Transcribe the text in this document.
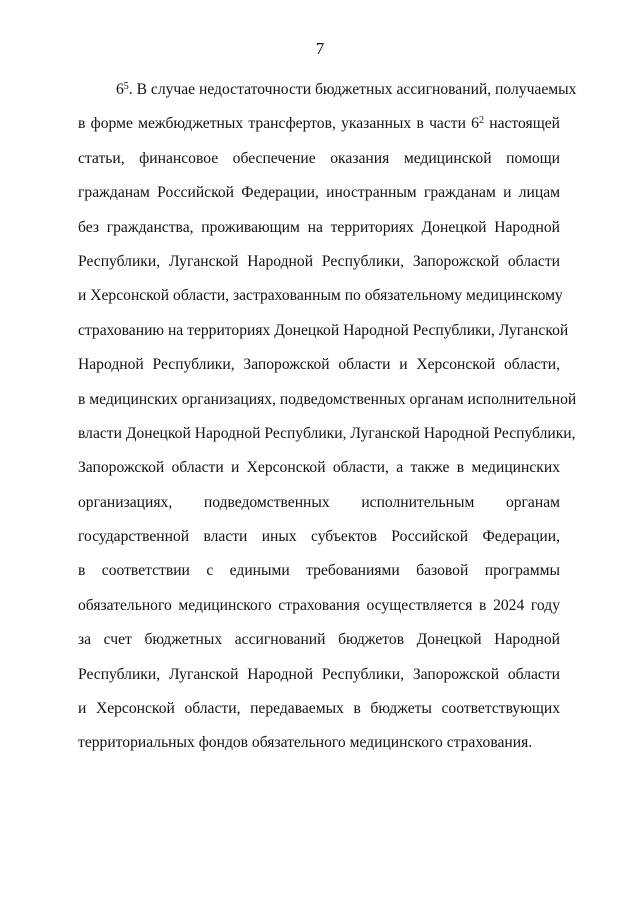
7
$6^5$. В случае недостаточности бюджетных ассигнований, получаемых
в форме межбюджетных трансфертов, указанных в части $6^2$ настоящей
статьи, финансовое обеспечение оказания медицинской помощи
гражданам Российской Федерации, иностранным гражданам и лицам
без гражданства, проживающим на территориях Донецкой Народной
Республики, Луганской Народной Республики, Запорожской области
и Херсонской области, застрахованным по обязательному медицинскому
страхованию на территориях Донецкой Народной Республики, Луганской
Народной Республики, Запорожской области и Херсонской области,
в медицинских организациях, подведомственных органам исполнительной
власти Донецкой Народной Республики, Луганской Народной Республики,
Запорожской области и Херсонской области, а также в медицинских
организациях, подведомственных исполнительным органам
государственной власти иных субъектов Российской Федерации,
в соответствии с едиными требованиями базовой программы
обязательного медицинского страхования осуществляется в 2024 году
за счет бюджетных ассигнований бюджетов Донецкой Народной
Республики, Луганской Народной Республики, Запорожской области
и Херсонской области, передаваемых в бюджеты соответствующих
территориальных фондов обязательного медицинского страхования.
